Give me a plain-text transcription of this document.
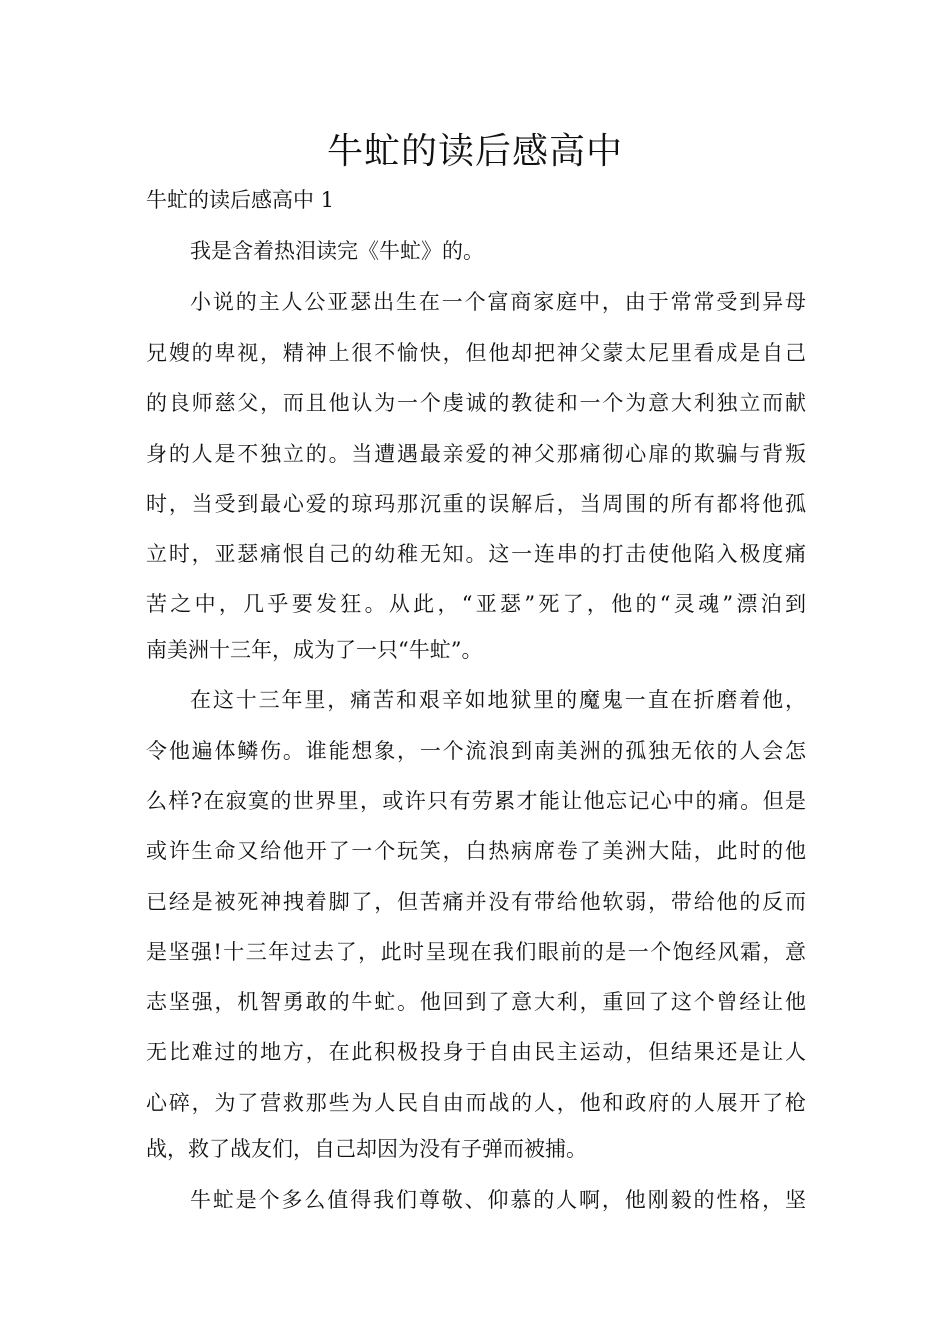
牛虻的读后感高中
牛虻的读后感高中 1
我是含着热泪读完《牛虻》的。
小说的主人公亚瑟出生在一个富商家庭中，由于常常受到异母
兄嫂的卑视，精神上很不愉快，但他却把神父蒙太尼里看成是自己
的良师慈父，而且他认为一个虔诚的教徒和一个为意大利独立而献
身的人是不独立的。当遭遇最亲爱的神父那痛彻心扉的欺骗与背叛
时，当受到最心爱的琼玛那沉重的误解后，当周围的所有都将他孤
立时，亚瑟痛恨自己的幼稚无知。这一连串的打击使他陷入极度痛
苦之中，几乎要发狂。从此，“亚瑟”死了，他的“灵魂”漂泊到
南美洲十三年，成为了一只“牛虻”。
在这十三年里，痛苦和艰辛如地狱里的魔鬼一直在折磨着他，
令他遍体鳞伤。谁能想象，一个流浪到南美洲的孤独无依的人会怎
么样?在寂寞的世界里，或许只有劳累才能让他忘记心中的痛。但是
或许生命又给他开了一个玩笑，白热病席卷了美洲大陆，此时的他
已经是被死神拽着脚了，但苦痛并没有带给他软弱，带给他的反而
是坚强!十三年过去了，此时呈现在我们眼前的是一个饱经风霜，意
志坚强，机智勇敢的牛虻。他回到了意大利，重回了这个曾经让他
无比难过的地方，在此积极投身于自由民主运动，但结果还是让人
心碎，为了营救那些为人民自由而战的人，他和政府的人展开了枪
战，救了战友们，自己却因为没有子弹而被捕。
牛虻是个多么值得我们尊敬、仰慕的人啊，他刚毅的性格，坚
